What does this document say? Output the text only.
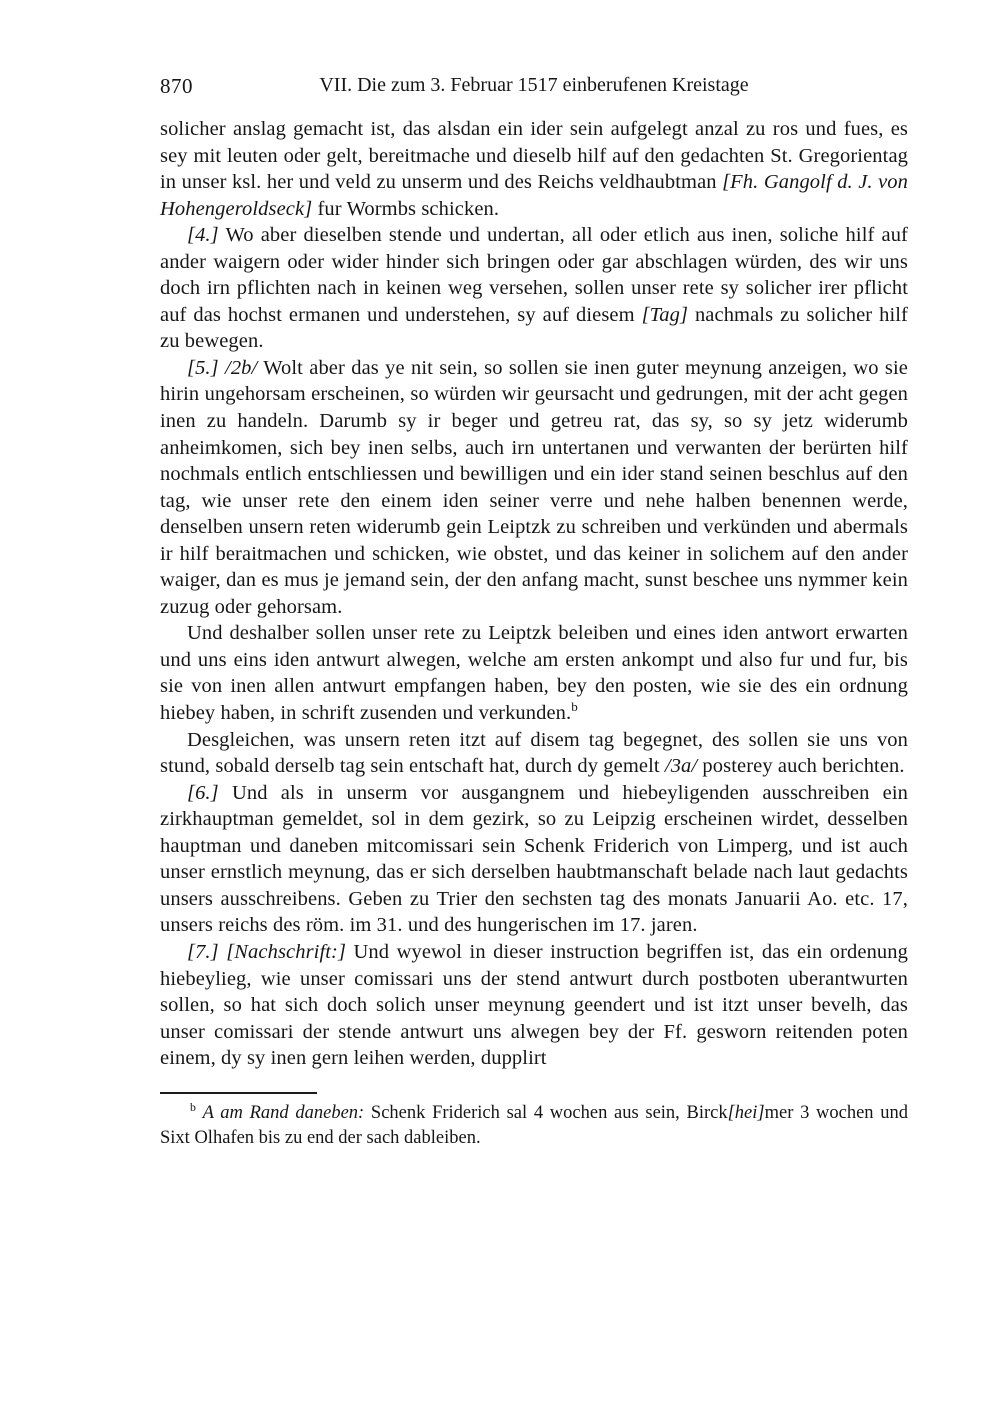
870	VII. Die zum 3. Februar 1517 einberufenen Kreistage

solicher anslag gemacht ist, das alsdan ein ider sein aufgelegt anzal zu ros und fues, es sey mit leuten oder gelt, bereitmache und dieselb hilf auf den gedachten St. Gregorientag in unser ksl. her und veld zu unserm und des Reichs veldhaubtman [Fh. Gangolf d. J. von Hohengeroldseck] fur Wormbs schicken.

[4.] Wo aber dieselben stende und undertan, all oder etlich aus inen, soliche hilf auf ander waigern oder wider hinder sich bringen oder gar abschlagen würden, des wir uns doch irn pflichten nach in keinen weg versehen, sollen unser rete sy solicher irer pflicht auf das hochst ermanen und understehen, sy auf diesem [Tag] nachmals zu solicher hilf zu bewegen.

[5.] /2b/ Wolt aber das ye nit sein, so sollen sie inen guter meynung anzeigen, wo sie hirin ungehorsam erscheinen, so würden wir geursacht und gedrungen, mit der acht gegen inen zu handeln. Darumb sy ir beger und getreu rat, das sy, so sy jetz widerumb anheimkomen, sich bey inen selbs, auch irn untertanen und verwanten der berürten hilf nochmals entlich entschliessen und bewilligen und ein ider stand seinen beschlus auf den tag, wie unser rete den einem iden seiner verre und nehe halben benennen werde, denselben unsern reten widerumb gein Leiptzk zu schreiben und verkünden und abermals ir hilf beraitmachen und schicken, wie obstet, und das keiner in solichem auf den ander waiger, dan es mus je jemand sein, der den anfang macht, sunst beschee uns nymmer kein zuzug oder gehorsam.

Und deshalber sollen unser rete zu Leiptzk beleiben und eines iden antwort erwarten und uns eins iden antwurt alwegen, welche am ersten ankompt und also fur und fur, bis sie von inen allen antwurt empfangen haben, bey den posten, wie sie des ein ordnung hiebey haben, in schrift zusenden und verkunden.$^b$

Desgleichen, was unsern reten itzt auf disem tag begegnet, des sollen sie uns von stund, sobald derselb tag sein entschaft hat, durch dy gemelt /3a/ posterey auch berichten.

[6.] Und als in unserm vor ausgangnem und hiebeyligenden ausschreiben ein zirkhauptman gemeldet, sol in dem gezirk, so zu Leipzig erscheinen wirdet, desselben hauptman und daneben mitcomissari sein Schenk Friderich von Limperg, und ist auch unser ernstlich meynung, das er sich derselben haubtmanschaft belade nach laut gedachts unsers ausschreibens. Geben zu Trier den sechsten tag des monats Januarii Ao. etc. 17, unsers reichs des röm. im 31. und des hungerischen im 17. jaren.

[7.] [Nachschrift:] Und wyewol in dieser instruction begriffen ist, das ein ordenung hiebeylieg, wie unser comissari uns der stend antwurt durch postboten uberantwurten sollen, so hat sich doch solich unser meynung geendert und ist itzt unser bevelh, das unser comissari der stende antwurt uns alwegen bey der Ff. gesworn reitenden poten einem, dy sy inen gern leihen werden, dupplirt

$^b$ A am Rand daneben: Schenk Friderich sal 4 wochen aus sein, Birck[hei]mer 3 wochen und Sixt Olhafen bis zu end der sach dableiben.
